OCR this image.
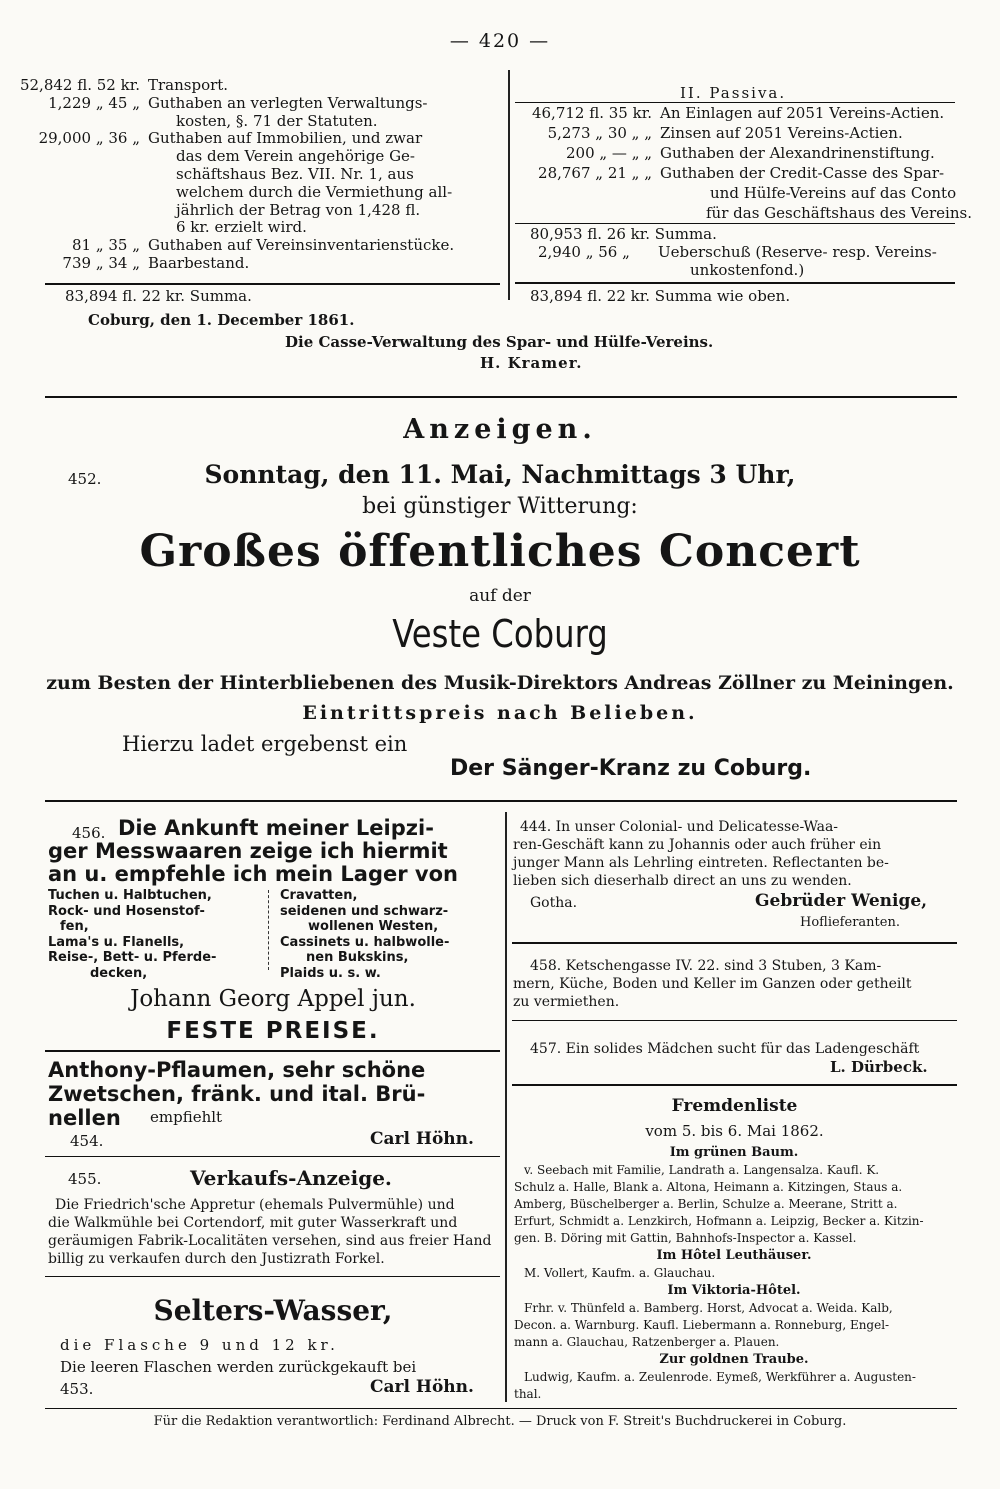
— 420 —
52,842 fl. 52 kr. Transport.
1,229 „ 45 „ Guthaben an verlegten Verwaltungs-
kosten, §. 71 der Statuten.
29,000 „ 36 „ Guthaben auf Immobilien, und zwar
das dem Verein angehörige Ge-
schäftshaus Bez. VII. Nr. 1, aus
welchem durch die Vermiethung all-
jährlich der Betrag von 1,428 fl.
6 kr. erzielt wird.
81 „ 35 „ Guthaben auf Vereinsinventarienstücke.
739 „ 34 „ Baarbestand.
83,894 fl. 22 kr. Summa.
II. Passiva.
46,712 fl. 35 kr. An Einlagen auf 2051 Vereins-Actien.
5,273 „ 30 „ „ Zinsen auf 2051 Vereins-Actien.
200 „ — „ „ Guthaben der Alexandrinenstiftung.
28,767 „ 21 „ „ Guthaben der Credit-Casse des Spar-
und Hülfe-Vereins auf das Conto
für das Geschäftshaus des Vereins.
80,953 fl. 26 kr. Summa.
2,940 „ 56 „ Ueberschuß (Reserve- resp. Vereins-
unkostenfond.)
83,894 fl. 22 kr. Summa wie oben.
Coburg, den 1. December 1861.
Die Casse-Verwaltung des Spar- und Hülfe-Vereins.
H. Kramer.
Anzeigen.
452.	Sonntag, den 11. Mai, Nachmittags 3 Uhr,
bei günstiger Witterung:
Großes öffentliches Concert
auf der
Veste Coburg
zum Besten der Hinterbliebenen des Musik-Direktors Andreas Zöllner zu Meiningen.
Eintrittspreis nach Belieben.
Hierzu ladet ergebenst ein
Der Sänger-Kranz zu Coburg.
456. Die Ankunft meiner Leipzi-
ger Messwaaren zeige ich hiermit
an u. empfehle ich mein Lager von
Tuchen u. Halbtuchen,
Rock- und Hosenstof-
fen,
Lama's u. Flanells,
Reise-, Bett- u. Pferde-
decken,
Cravatten,
seidenen und schwarz-
wollenen Westen,
Cassinets u. halbwolle-
nen Bukskins,
Plaids u. s. w.
Johann Georg Appel jun.
FESTE PREISE.
Anthony-Pflaumen, sehr schöne
Zwetschen, fränk. und ital. Brü-
nellen empfiehlt
454.	Carl Höhn.
455.	Verkaufs-Anzeige.
Die Friedrich'sche Appretur (ehemals Pulvermühle) und
die Walkmühle bei Cortendorf, mit guter Wasserkraft und
geräumigen Fabrik-Localitäten versehen, sind aus freier Hand
billig zu verkaufen durch den Justizrath Forkel.
Selters-Wasser,
die Flasche 9 und 12 kr.
Die leeren Flaschen werden zurückgekauft bei
453.	Carl Höhn.
444. In unser Colonial- und Delicatesse-Waa-
ren-Geschäft kann zu Johannis oder auch früher ein
junger Mann als Lehrling eintreten. Reflectanten be-
lieben sich dieserhalb direct an uns zu wenden.
Gotha.	Gebrüder Wenige,
Hoflieferanten.
458. Ketschengasse IV. 22. sind 3 Stuben, 3 Kam-
mern, Küche, Boden und Keller im Ganzen oder getheilt
zu vermiethen.
457. Ein solides Mädchen sucht für das Ladengeschäft
L. Dürbeck.
Fremdenliste
vom 5. bis 6. Mai 1862.
Im grünen Baum.
v. Seebach mit Familie, Landrath a. Langensalza. Kaufl. K.
Schulz a. Halle, Blank a. Altona, Heimann a. Kitzingen, Staus a.
Amberg, Büschelberger a. Berlin, Schulze a. Meerane, Stritt a.
Erfurt, Schmidt a. Lenzkirch, Hofmann a. Leipzig, Becker a. Kitzin-
gen. B. Döring mit Gattin, Bahnhofs-Inspector a. Kassel.
Im Hôtel Leuthäuser.
M. Vollert, Kaufm. a. Glauchau.
Im Viktoria-Hôtel.
Frhr. v. Thünfeld a. Bamberg. Horst, Advocat a. Weida. Kalb,
Decon. a. Warnburg. Kaufl. Liebermann a. Ronneburg, Engel-
mann a. Glauchau, Ratzenberger a. Plauen.
Zur goldnen Traube.
Ludwig, Kaufm. a. Zeulenrode. Eymeß, Werkführer a. Augusten-
thal.
Für die Redaktion verantwortlich: Ferdinand Albrecht. — Druck von F. Streit's Buchdruckerei in Coburg.
